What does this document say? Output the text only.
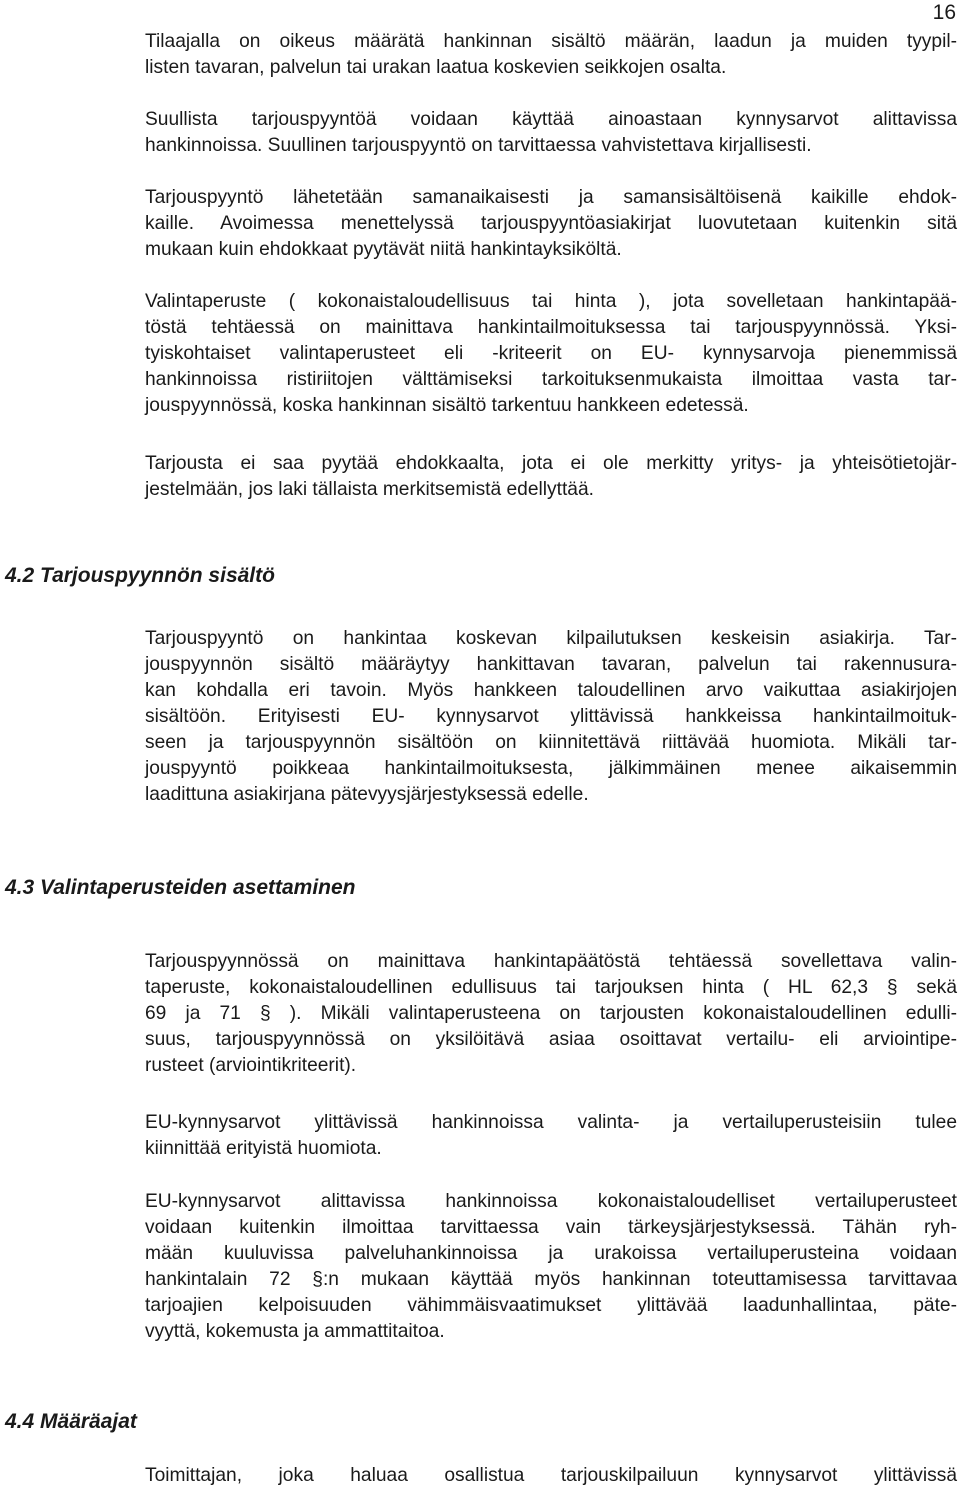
16
Tilaajalla on oikeus määrätä hankinnan sisältö määrän, laadun ja muiden tyypil-
listen tavaran, palvelun tai urakan laatua koskevien seikkojen osalta.
Suullista tarjouspyyntöä voidaan käyttää ainoastaan kynnysarvot alittavissa
hankinnoissa. Suullinen tarjouspyyntö on tarvittaessa vahvistettava kirjallisesti.
Tarjouspyyntö lähetetään samanaikaisesti ja samansisältöisenä kaikille ehdok-
kaille. Avoimessa menettelyssä tarjouspyyntöasiakirjat luovutetaan kuitenkin sitä
mukaan kuin ehdokkaat pyytävät niitä hankintayksiköltä.
Valintaperuste ( kokonaistaloudellisuus tai hinta ), jota sovelletaan hankintapää-
töstä tehtäessä on mainittava hankintailmoituksessa tai tarjouspyynnössä. Yksi-
tyiskohtaiset valintaperusteet eli -kriteerit on EU- kynnysarvoja pienemmissä
hankinnoissa ristiriitojen välttämiseksi tarkoituksenmukaista ilmoittaa vasta tar-
jouspyynnössä, koska hankinnan sisältö tarkentuu hankkeen edetessä.
Tarjousta ei saa pyytää ehdokkaalta, jota ei ole merkitty yritys- ja yhteisötietojär-
jestelmään, jos laki tällaista merkitsemistä edellyttää.
4.2 Tarjouspyynnön sisältö
Tarjouspyyntö on hankintaa koskevan kilpailutuksen keskeisin asiakirja. Tar-
jouspyynnön sisältö määräytyy hankittavan tavaran, palvelun tai rakennusura-
kan kohdalla eri tavoin. Myös hankkeen taloudellinen arvo vaikuttaa asiakirjojen
sisältöön. Erityisesti EU- kynnysarvot ylittävissä hankkeissa hankintailmoituk-
seen ja tarjouspyynnön sisältöön on kiinnitettävä riittävää huomiota. Mikäli tar-
jouspyyntö poikkeaa hankintailmoituksesta, jälkimmäinen menee aikaisemmin
laadittuna asiakirjana pätevyysjärjestyksessä edelle.
4.3 Valintaperusteiden asettaminen
Tarjouspyynnössä on mainittava hankintapäätöstä tehtäessä sovellettava valin-
taperuste, kokonaistaloudellinen edullisuus tai tarjouksen hinta ( HL 62,3 § sekä
69 ja 71 § ). Mikäli valintaperusteena on tarjousten kokonaistaloudellinen edulli-
suus, tarjouspyynnössä on yksilöitävä asiaa osoittavat vertailu- eli arviointipe-
rusteet (arviointikriteerit).
EU-kynnysarvot ylittävissä hankinnoissa valinta- ja vertailuperusteisiin tulee
kiinnittää erityistä huomiota.
EU-kynnysarvot alittavissa hankinnoissa kokonaistaloudelliset vertailuperusteet
voidaan kuitenkin ilmoittaa tarvittaessa vain tärkeysjärjestyksessä. Tähän ryh-
mään kuuluvissa palveluhankinnoissa ja urakoissa vertailuperusteina voidaan
hankintalain 72 §:n mukaan käyttää myös hankinnan toteuttamisessa tarvittavaa
tarjoajien kelpoisuuden vähimmäisvaatimukset ylittävää laadunhallintaa, päte-
vyyttä, kokemusta ja ammattitaitoa.
4.4 Määräajat
Toimittajan, joka haluaa osallistua tarjouskilpailuun kynnysarvot ylittävissä
